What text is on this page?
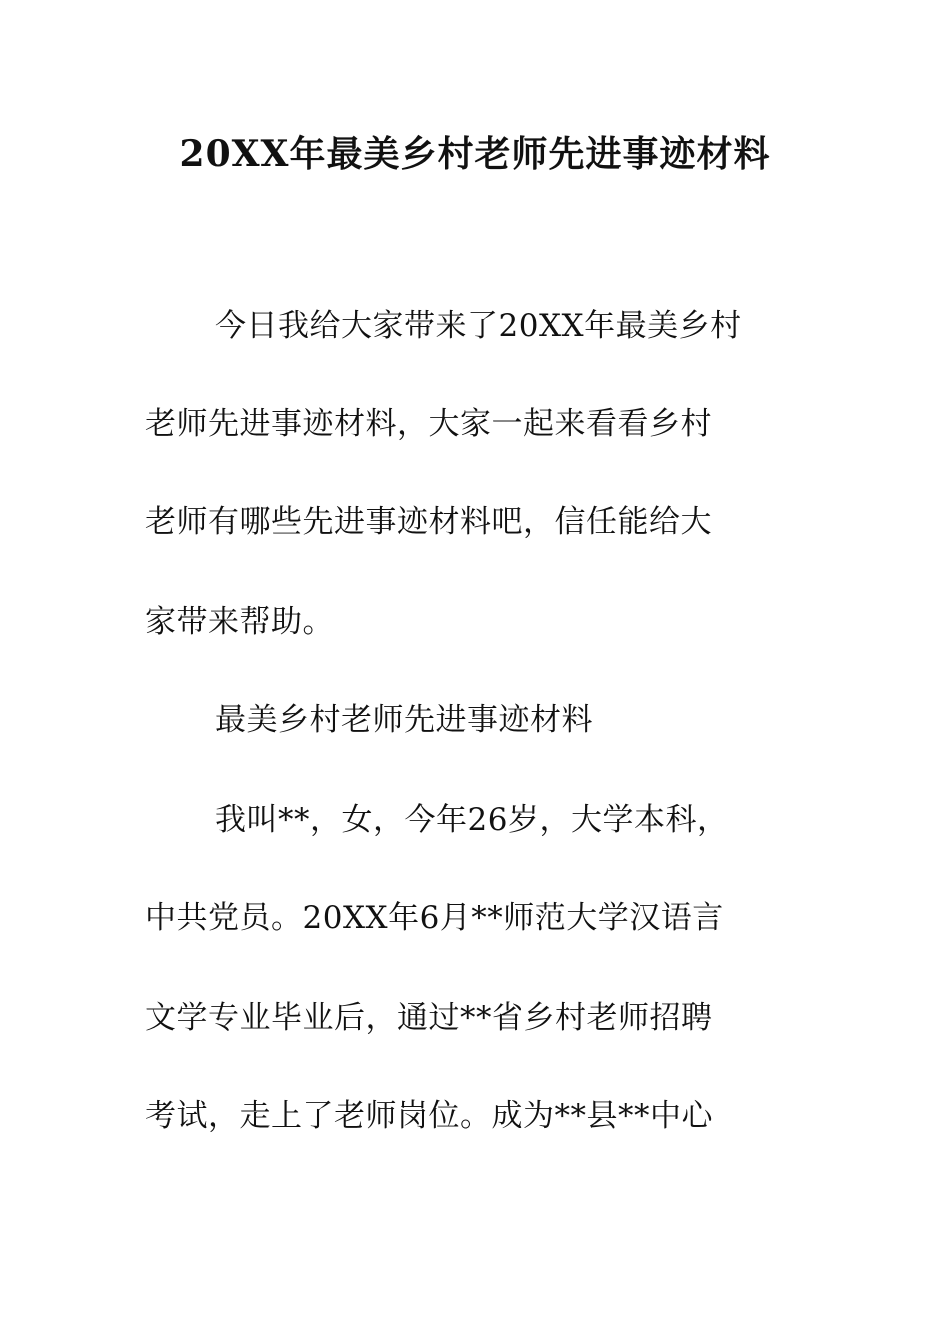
20XX年最美乡村老师先进事迹材料
今日我给大家带来了20XX年最美乡村
老师先进事迹材料，大家一起来看看乡村
老师有哪些先进事迹材料吧，信任能给大
家带来帮助。
最美乡村老师先进事迹材料
我叫**，女，今年26岁，大学本科，
中共党员。20XX年6月**师范大学汉语言
文学专业毕业后，通过**省乡村老师招聘
考试，走上了老师岗位。成为**县**中心
